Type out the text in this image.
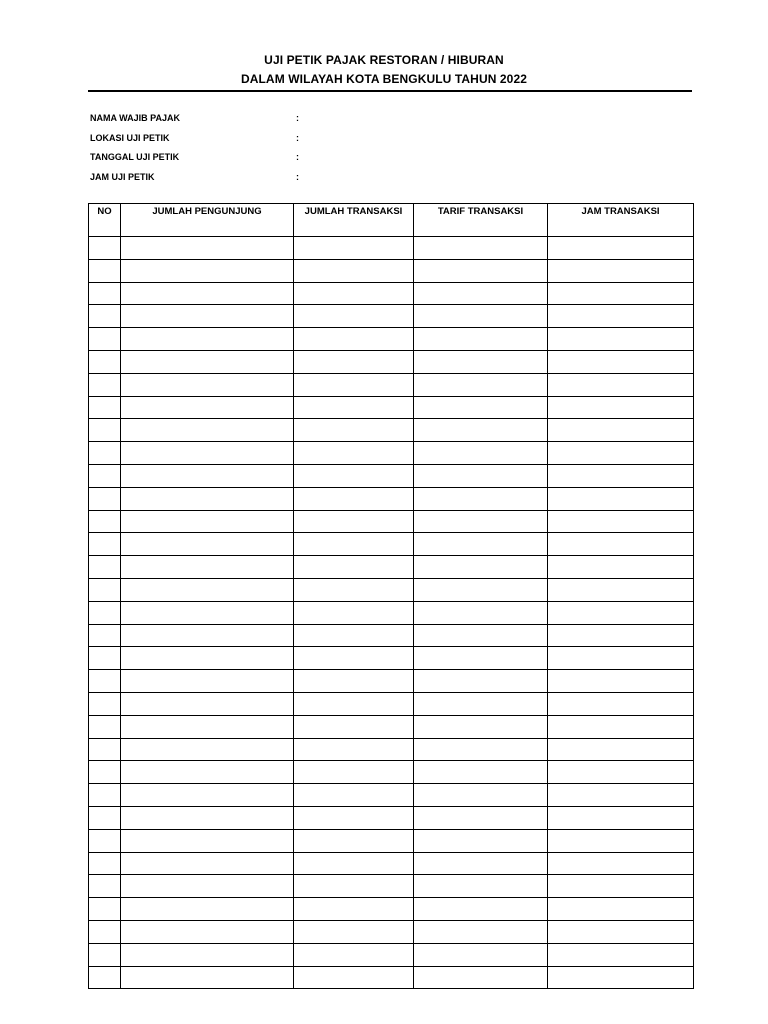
UJI PETIK PAJAK RESTORAN / HIBURAN
DALAM WILAYAH KOTA BENGKULU TAHUN 2022
NAMA WAJIB PAJAK	:
LOKASI UJI PETIK	:
TANGGAL UJI PETIK	:
JAM UJI PETIK	:
NO	JUMLAH PENGUNJUNG	JUMLAH TRANSAKSI	TARIF TRANSAKSI	JAM TRANSAKSI
